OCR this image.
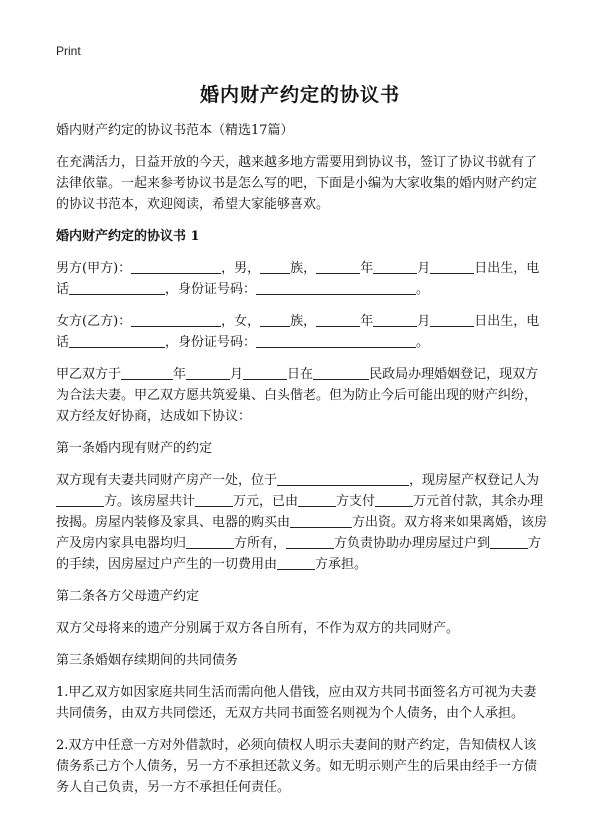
Print
婚内财产约定的协议书

婚内财产约定的协议书范本（精选17篇）

在充满活力，日益开放的今天，越来越多地方需要用到协议书，签订了协议书就有了法律依靠。一起来参考协议书是怎么写的吧，下面是小编为大家收集的婚内财产约定的协议书范本，欢迎阅读，希望大家能够喜欢。

婚内财产约定的协议书 1

男方(甲方)：	，男， 族，	年	月	日出生，电
话	，身份证号码：	。

女方(乙方)：	，女， 族，	年	月	日出生，电
话	，身份证号码：	。

甲乙双方于	年	月	日在	民政局办理婚姻登记，现双方为合法夫妻。甲乙双方愿共筑爱巢、白头偕老。但为防止今后可能出现的财产纠纷，双方经友好协商，达成如下协议：

第一条婚内现有财产的约定

双方现有夫妻共同财产房产一处，位于	，现房屋产权登记人为方。该房屋共计	万元，已由	方支付	万元首付款，其余办理按揭。房屋内装修及家具、电器的购买由	方出资。双方将来如果离婚，该房产及房内家具电器均归	方所有，	方负责协助办理房屋过户到	方的手续，因房屋过户产生的一切费用由	方承担。

第二条各方父母遗产约定

双方父母将来的遗产分别属于双方各自所有，不作为双方的共同财产。

第三条婚姻存续期间的共同债务

1.甲乙双方如因家庭共同生活而需向他人借钱，应由双方共同书面签名方可视为夫妻共同债务，由双方共同偿还，无双方共同书面签名则视为个人债务，由个人承担。

2.双方中任意一方对外借款时，必须向债权人明示夫妻间的财产约定，告知债权人该债务系己方个人债务，另一方不承担还款义务。如无明示则产生的后果由经手一方债务人自己负责，另一方不承担任何责任。
